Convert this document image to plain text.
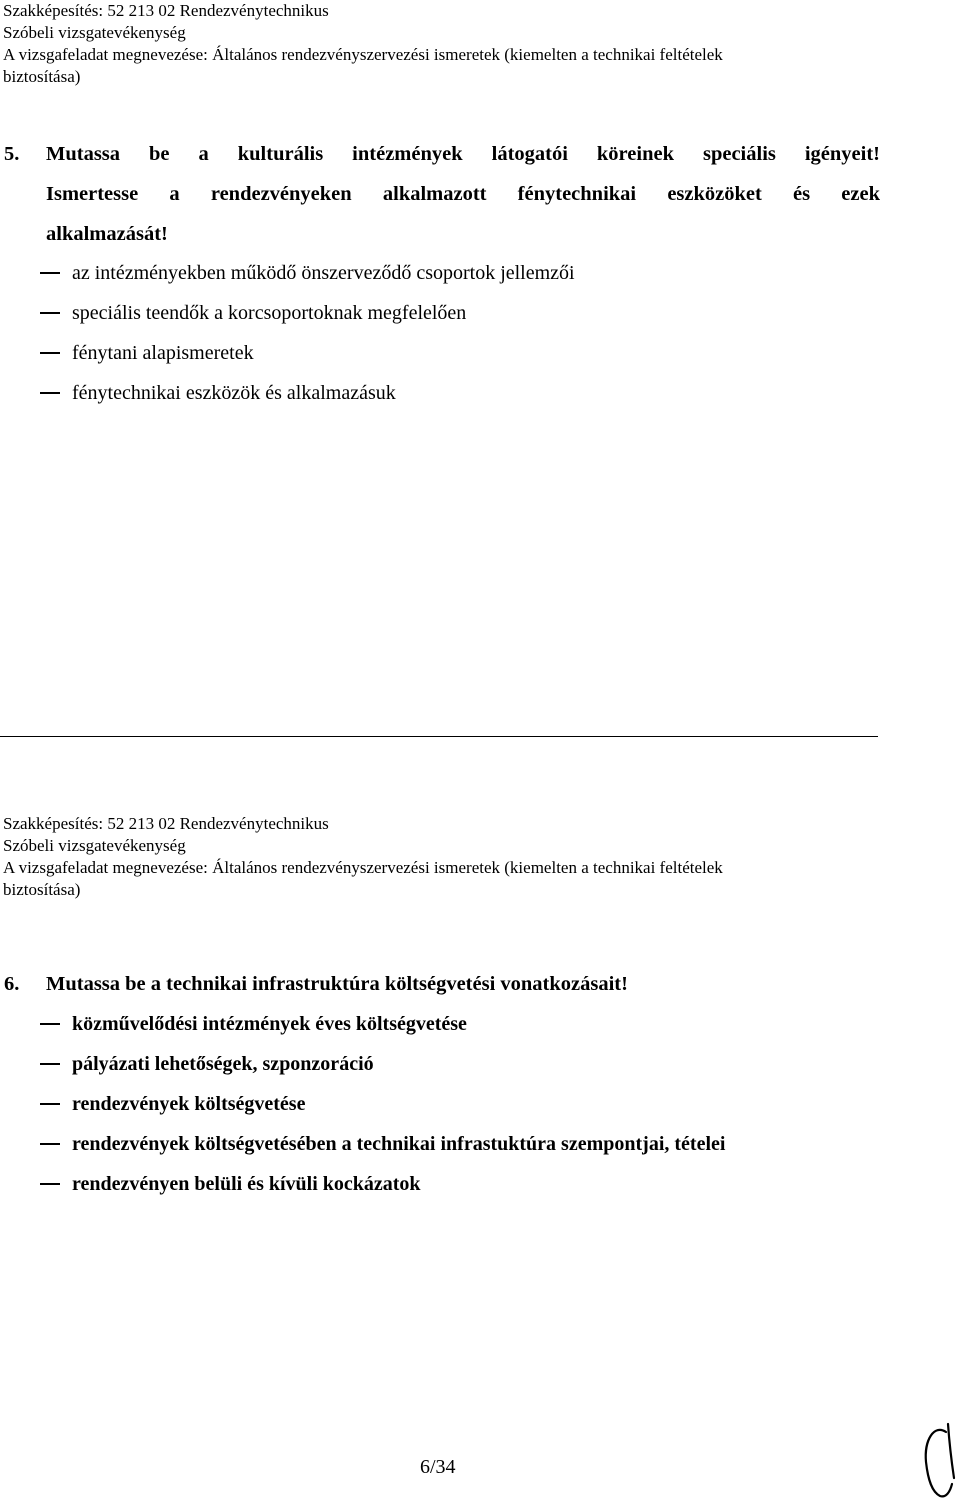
Szakképesítés: 52 213 02 Rendezvénytechnikus
Szóbeli vizsgatevékenység
A vizsgafeladat megnevezése: Általános rendezvényszervezési ismeretek (kiemelten a technikai feltételek
biztosítása)
5.	Mutassa be a kulturális intézmények látogatói köreinek speciális igényeit!
Ismertesse a rendezvényeken alkalmazott fénytechnikai eszközöket és ezek
alkalmazását!
az intézményekben működő önszerveződő csoportok jellemzői
speciális teendők a korcsoportoknak megfelelően
fénytani alapismeretek
fénytechnikai eszközök és alkalmazásuk
Szakképesítés: 52 213 02 Rendezvénytechnikus
Szóbeli vizsgatevékenység
A vizsgafeladat megnevezése: Általános rendezvényszervezési ismeretek (kiemelten a technikai feltételek
biztosítása)
6.	Mutassa be a technikai infrastruktúra költségvetési vonatkozásait!
közművelődési intézmények éves költségvetése
pályázati lehetőségek, szponzoráció
rendezvények költségvetése
rendezvények költségvetésében a technikai infrastuktúra szempontjai, tételei
rendezvényen belüli és kívüli kockázatok
6/34
